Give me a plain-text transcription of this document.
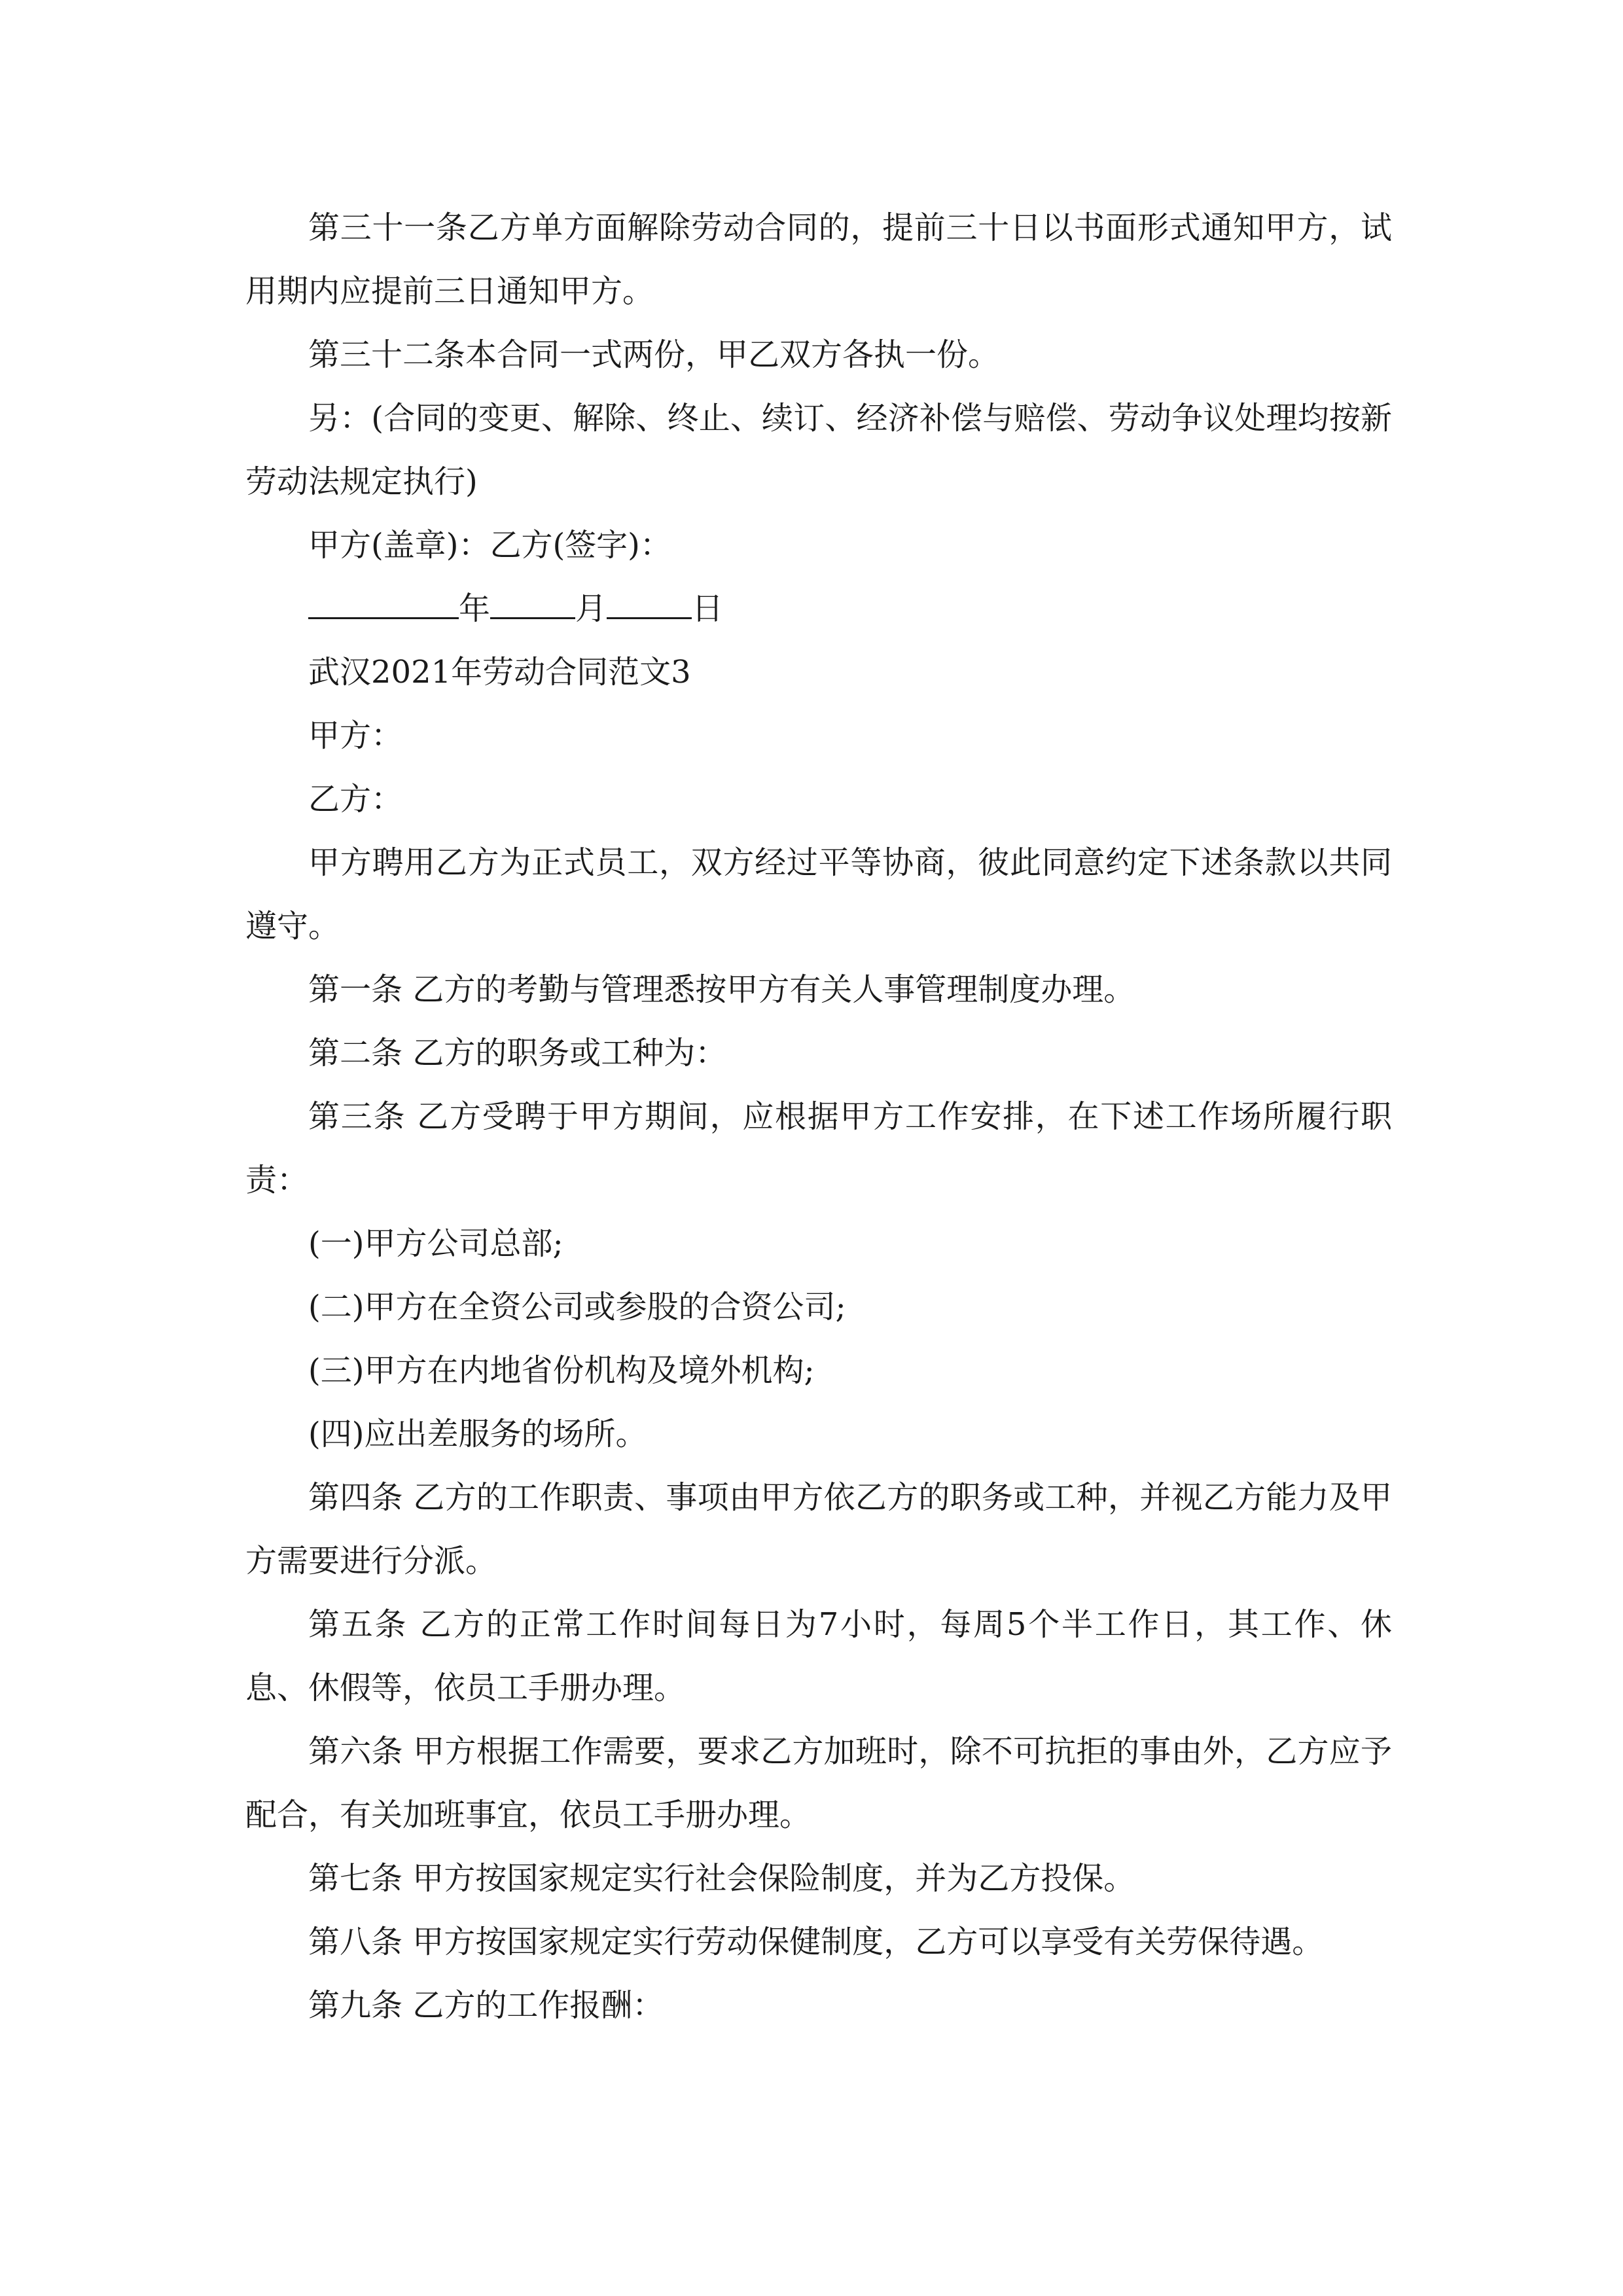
第三十一条乙方单方面解除劳动合同的，提前三十日以书面形式通知甲方，试用期内应提前三日通知甲方。

第三十二条本合同一式两份，甲乙双方各执一份。

另：(合同的变更、解除、终止、续订、经济补偿与赔偿、劳动争议处理均按新劳动法规定执行)

甲方(盖章)：乙方(签字)：

年	月	日

武汉2021年劳动合同范文3

甲方：

乙方：

甲方聘用乙方为正式员工，双方经过平等协商，彼此同意约定下述条款以共同遵守。

第一条 乙方的考勤与管理悉按甲方有关人事管理制度办理。

第二条 乙方的职务或工种为：

第三条 乙方受聘于甲方期间，应根据甲方工作安排，在下述工作场所履行职责：

(一)甲方公司总部;

(二)甲方在全资公司或参股的合资公司;

(三)甲方在内地省份机构及境外机构;

(四)应出差服务的场所。

第四条 乙方的工作职责、事项由甲方依乙方的职务或工种，并视乙方能力及甲方需要进行分派。

第五条 乙方的正常工作时间每日为7小时，每周5个半工作日，其工作、休息、休假等，依员工手册办理。

第六条 甲方根据工作需要，要求乙方加班时，除不可抗拒的事由外，乙方应予配合，有关加班事宜，依员工手册办理。

第七条 甲方按国家规定实行社会保险制度，并为乙方投保。

第八条 甲方按国家规定实行劳动保健制度，乙方可以享受有关劳保待遇。

第九条 乙方的工作报酬：
